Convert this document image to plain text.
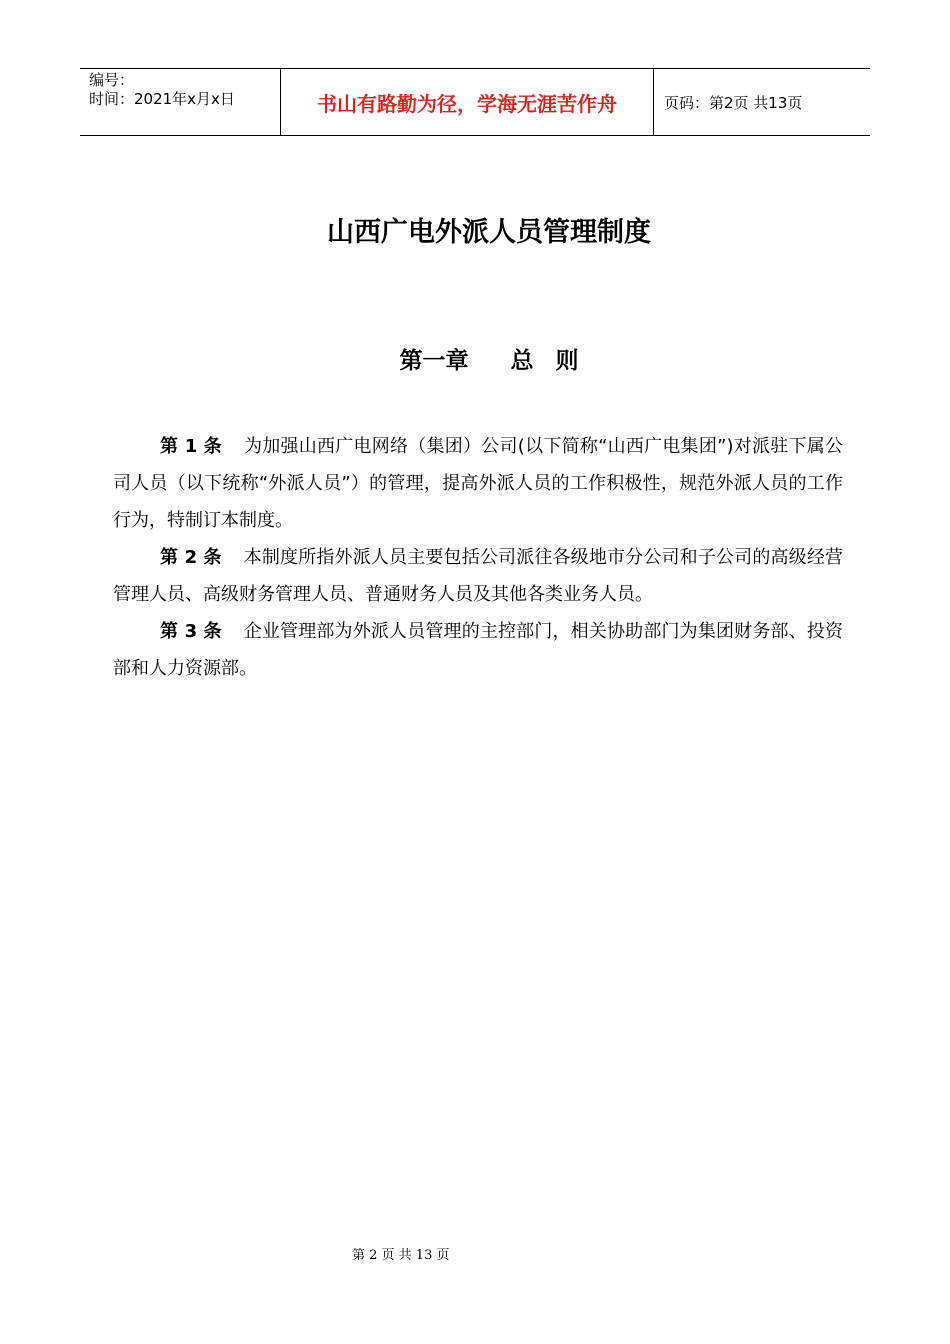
编号：
时间：2021年x月x日	书山有路勤为径，学海无涯苦作舟	页码：第2页 共13页
山西广电外派人员管理制度
第一章 总 则

第 1 条 为加强山西广电网络（集团）公司(以下简称“山西广电集团”)对派驻下属公司人员（以下统称“外派人员”）的管理，提高外派人员的工作积极性，规范外派人员的工作行为，特制订本制度。

第 2 条 本制度所指外派人员主要包括公司派往各级地市分公司和子公司的高级经营管理人员、高级财务管理人员、普通财务人员及其他各类业务人员。

第 3 条 企业管理部为外派人员管理的主控部门，相关协助部门为集团财务部、投资部和人力资源部。

第 2 页 共 13 页
